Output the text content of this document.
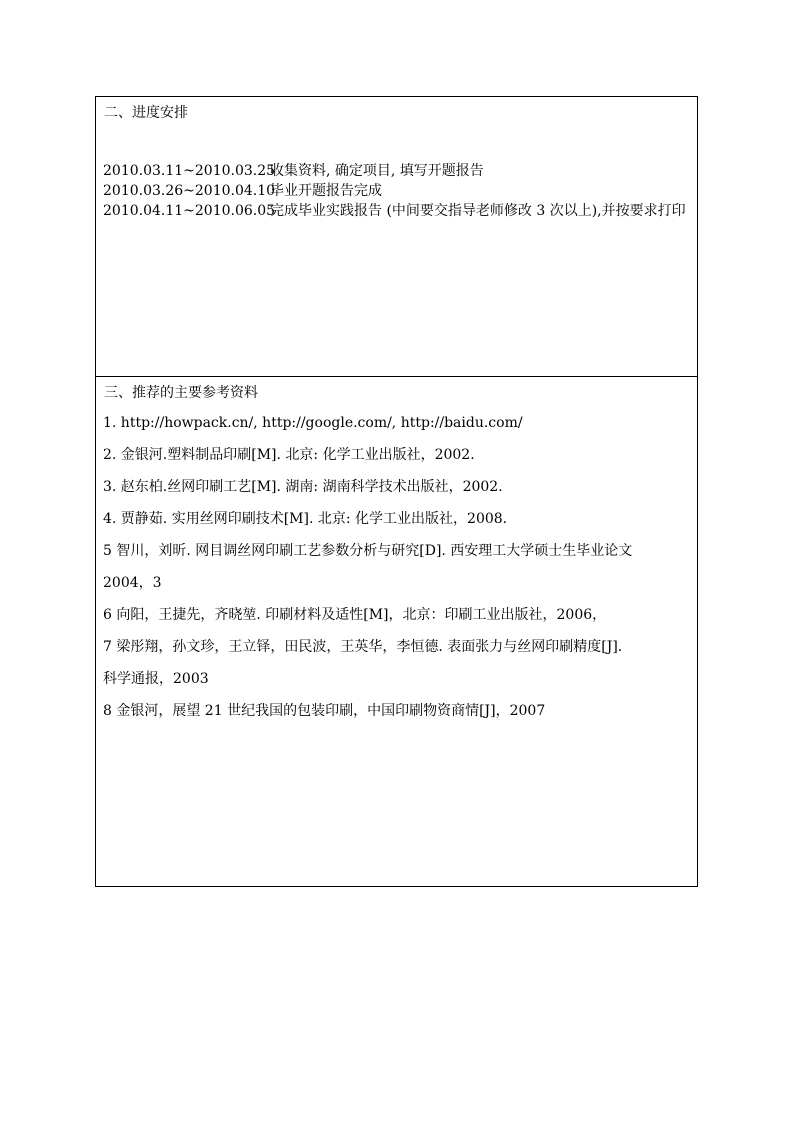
二、进度安排
2010.03.11~2010.03.25
收集资料, 确定项目, 填写开题报告
2010.03.26~2010.04.10
毕业开题报告完成
2010.04.11~2010.06.05
完成毕业实践报告 (中间要交指导老师修改 3 次以上),并按要求打印
三、推荐的主要参考资料
1. http://howpack.cn/, http://google.com/, http://baidu.com/
2. 金银河.塑料制品印刷[M]. 北京: 化学工业出版社，2002.
3. 赵东柏.丝网印刷工艺[M]. 湖南: 湖南科学技术出版社，2002.
4. 贾静茹. 实用丝网印刷技术[M]. 北京: 化学工业出版社，2008.
5 智川，刘昕. 网目调丝网印刷工艺参数分析与研究[D]. 西安理工大学硕士生毕业论文
2004，3
6 向阳，王捷先，齐晓堃. 印刷材料及适性[M]，北京：印刷工业出版社，2006，
7 梁彤翔，孙文珍，王立铎，田民波，王英华，李恒德. 表面张力与丝网印刷精度[J].
科学通报，2003
8 金银河，展望 21 世纪我国的包装印刷，中国印刷物资商情[J]，2007
